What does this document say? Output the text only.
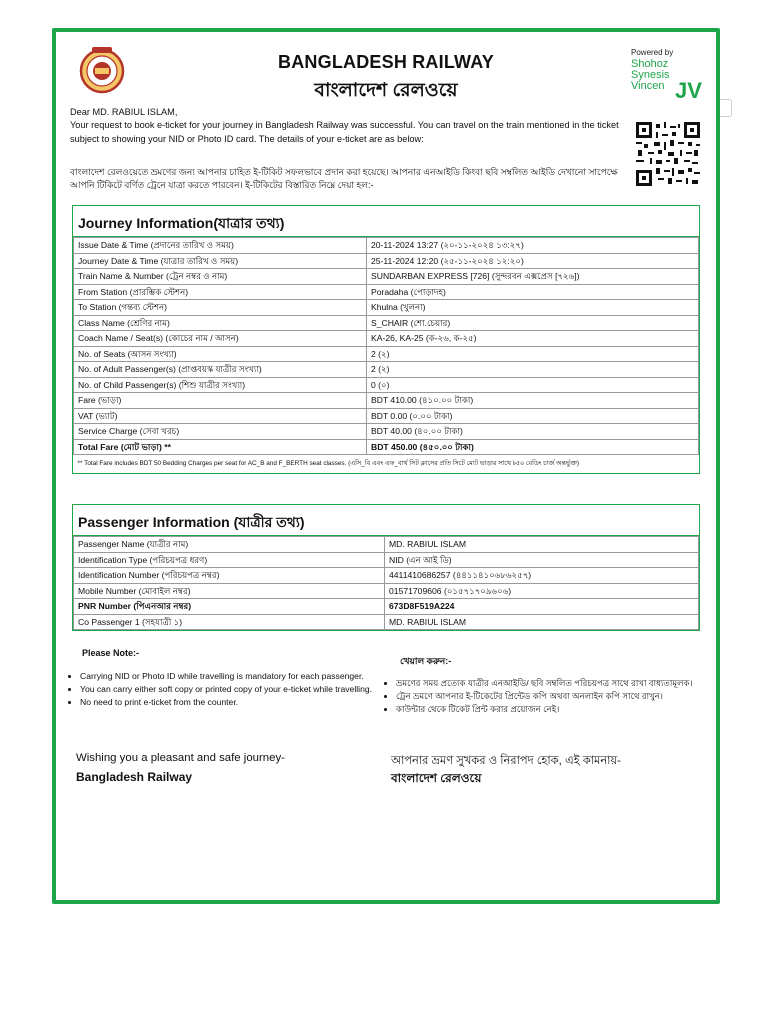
BANGLADESH RAILWAY
বাংলাদেশ রেলওয়ে
Powered by
Shohoz
Synesis
Vincen JV
Dear MD. RABIUL ISLAM,
Your request to book e-ticket for your journey in Bangladesh Railway was successful. You can travel on the train mentioned in the ticket subject to showing your NID or Photo ID card. The details of your e-ticket are as below:
বাংলাদেশ রেলওয়েতে ভ্রমণের জন্য আপনার চাহিত ই-টিকিট সফলভাবে প্রদান করা হয়েছে। আপনার এনআইডি কিংবা ছবি সম্বলিত আইডি দেখানো সাপেক্ষে আপনি টিকিটে বর্ণিত ট্রেনে যাত্রা করতে পারবেন। ই-টিকিটের বিস্তারিত নিম্নে দেয়া হল:-
Journey Information(যাত্রার তথ্য)
Issue Date & Time (প্রদানের তারিখ ও সময়)	20-11-2024 13:27 (২০-১১-২০২৪ ১৩:২৭)
Journey Date & Time (যাত্রার তারিখ ও সময়)	25-11-2024 12:20 (২৫-১১-২০২৪ ১২:২০)
Train Name & Number (ট্রেন নম্বর ও নাম)	SUNDARBAN EXPRESS [726] (সুন্দরবন এক্সপ্রেস [৭২৬])
From Station (প্রারম্ভিক স্টেশন)	Poradaha (পোড়াদহ)
To Station (গন্তব্য স্টেশন)	Khulna (খুলনা)
Class Name (শ্রেণির নাম)	S_CHAIR (শো.চেয়ার)
Coach Name / Seat(s) (কোচের নাম / আসন)	KA-26, KA-25 (ক-২৬, ক-২৫)
No. of Seats (আসন সংখ্যা)	2 (২)
No. of Adult Passenger(s) (প্রাপ্তবয়স্ক যাত্রীর সংখ্যা)	2 (২)
No. of Child Passenger(s) (শিশু যাত্রীর সংখ্যা)	0 (০)
Fare (ভাড়া)	BDT 410.00 (৪১০.০০ টাকা)
VAT (ভ্যাট)	BDT 0.00 (০.০০ টাকা)
Service Charge (সেবা খরচ)	BDT 40.00 (৪০.০০ টাকা)
Total Fare (মোট ভাড়া) **	BDT 450.00 (৪৫০.০০ টাকা)
** Total Fare includes BDT 50 Bedding Charges per seat for AC_B and F_BERTH seat classes. (এসি_বি এবং এফ_বার্থ সিট ক্লাসের প্রতি সিটে মোট ভাড়ার সাথে ৳৫০ বেডিং চার্জ অন্তর্ভুক্ত)	
Passenger Information (যাত্রীর তথ্য)
Passenger Name (যাত্রীর নাম)	MD. RABIUL ISLAM
Identification Type (পরিচয়পত্র ধরণ)	NID (এন আই ডি)
Identification Number (পরিচয়পত্র নম্বর)	4411410686257 (৪৪১১৪১০৬৮৬২৫৭)
Mobile Number (মোবাইল নম্বর)	01571709606 (০১৫৭১৭০৯৬০৬)
PNR Number (পিএনআর নম্বর)	673D8F519A224
Co Passenger 1 (সহযাত্রী ১)	MD. RABIUL ISLAM
Please Note:-
• Carrying NID or Photo ID while travelling is mandatory for each passenger.
• You can carry either soft copy or printed copy of your e-ticket while travelling.
• No need to print e-ticket from the counter.
খেয়াল করুন:-
• ভ্রমণের সময় প্রত্যেক যাত্রীর এনআইডি/ ছবি সম্বলিত পরিচয়পত্র সাথে রাখা বাধ্যতামূলক।
• ট্রেন ভ্রমণে আপনার ই-টিকেটের প্রিন্টেড কপি অথবা অনলাইন কপি সাথে রাখুন।
• কাউন্টার থেকে টিকেট প্রিন্ট করার প্রয়োজন নেই।
Wishing you a pleasant and safe journey-
Bangladesh Railway
আপনার ভ্রমণ সুখকর ও নিরাপদ হোক, এই কামনায়-
বাংলাদেশ রেলওয়ে
